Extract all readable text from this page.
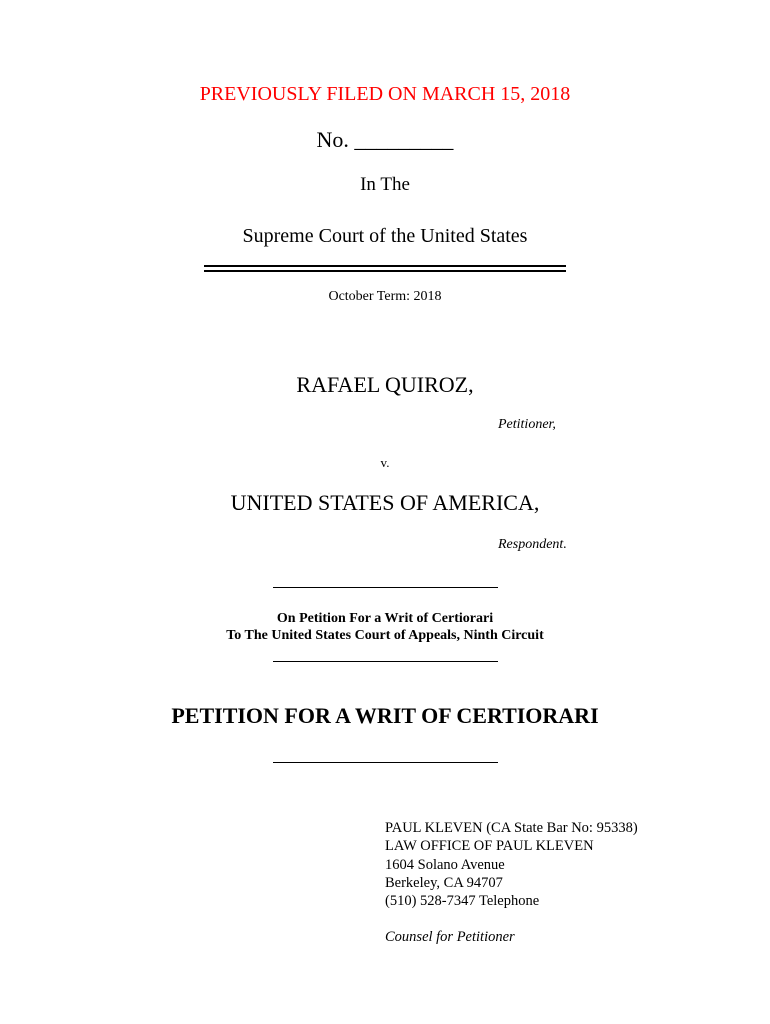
PREVIOUSLY FILED ON MARCH 15, 2018
No. _________
In The
Supreme Court of the United States
October Term: 2018
RAFAEL QUIROZ,
Petitioner,
v.
UNITED STATES OF AMERICA,
Respondent.
On Petition For a Writ of Certiorari
To The United States Court of Appeals, Ninth Circuit
PETITION FOR A WRIT OF CERTIORARI
PAUL KLEVEN (CA State Bar No: 95338)
LAW OFFICE OF PAUL KLEVEN
1604 Solano Avenue
Berkeley, CA 94707
(510) 528-7347 Telephone
Counsel for Petitioner
